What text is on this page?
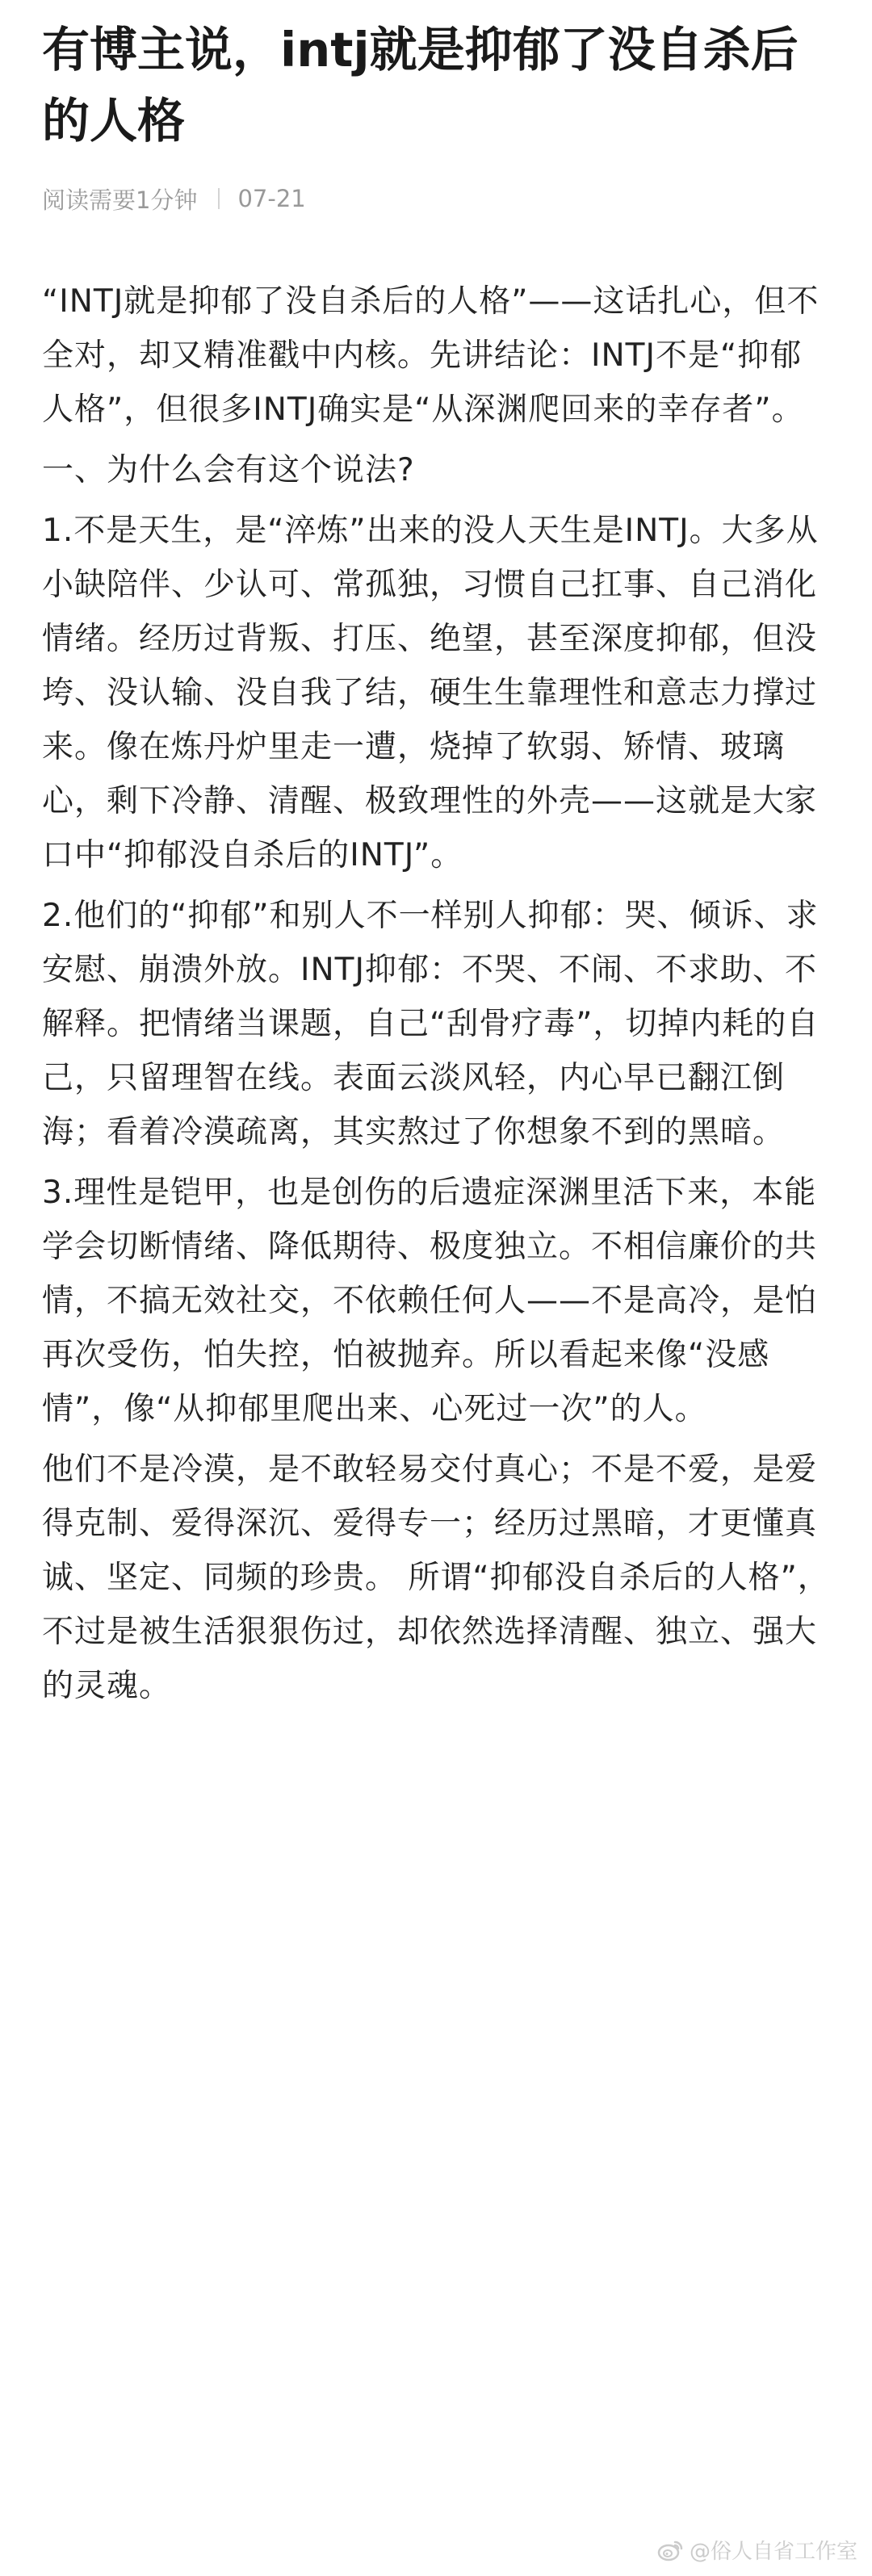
有博主说，intj就是抑郁了没自杀后的人格
阅读需要1分钟 07-21

“INTJ就是抑郁了没自杀后的人格”——这话扎心，但不全对，却又精准戳中内核。先讲结论：INTJ不是“抑郁人格”，但很多INTJ确实是“从深渊爬回来的幸存者”。

一、为什么会有这个说法?

1.不是天生，是“淬炼”出来的没人天生是INTJ。大多从小缺陪伴、少认可、常孤独，习惯自己扛事、自己消化情绪。经历过背叛、打压、绝望，甚至深度抑郁，但没垮、没认输、没自我了结，硬生生靠理性和意志力撑过来。像在炼丹炉里走一遭，烧掉了软弱、矫情、玻璃心，剩下冷静、清醒、极致理性的外壳——这就是大家口中“抑郁没自杀后的INTJ”。

2.他们的“抑郁”和别人不一样别人抑郁：哭、倾诉、求安慰、崩溃外放。INTJ抑郁：不哭、不闹、不求助、不解释。把情绪当课题，自己“刮骨疗毒”，切掉内耗的自己，只留理智在线。表面云淡风轻，内心早已翻江倒海；看着冷漠疏离，其实熬过了你想象不到的黑暗。

3.理性是铠甲，也是创伤的后遗症深渊里活下来，本能学会切断情绪、降低期待、极度独立。不相信廉价的共情，不搞无效社交，不依赖任何人——不是高冷，是怕再次受伤，怕失控，怕被抛弃。所以看起来像“没感情”，像“从抑郁里爬出来、心死过一次”的人。

他们不是冷漠，是不敢轻易交付真心；不是不爱，是爱得克制、爱得深沉、爱得专一；经历过黑暗，才更懂真诚、坚定、同频的珍贵。 所谓“抑郁没自杀后的人格”，不过是被生活狠狠伤过，却依然选择清醒、独立、强大的灵魂。

@俗人自省工作室
